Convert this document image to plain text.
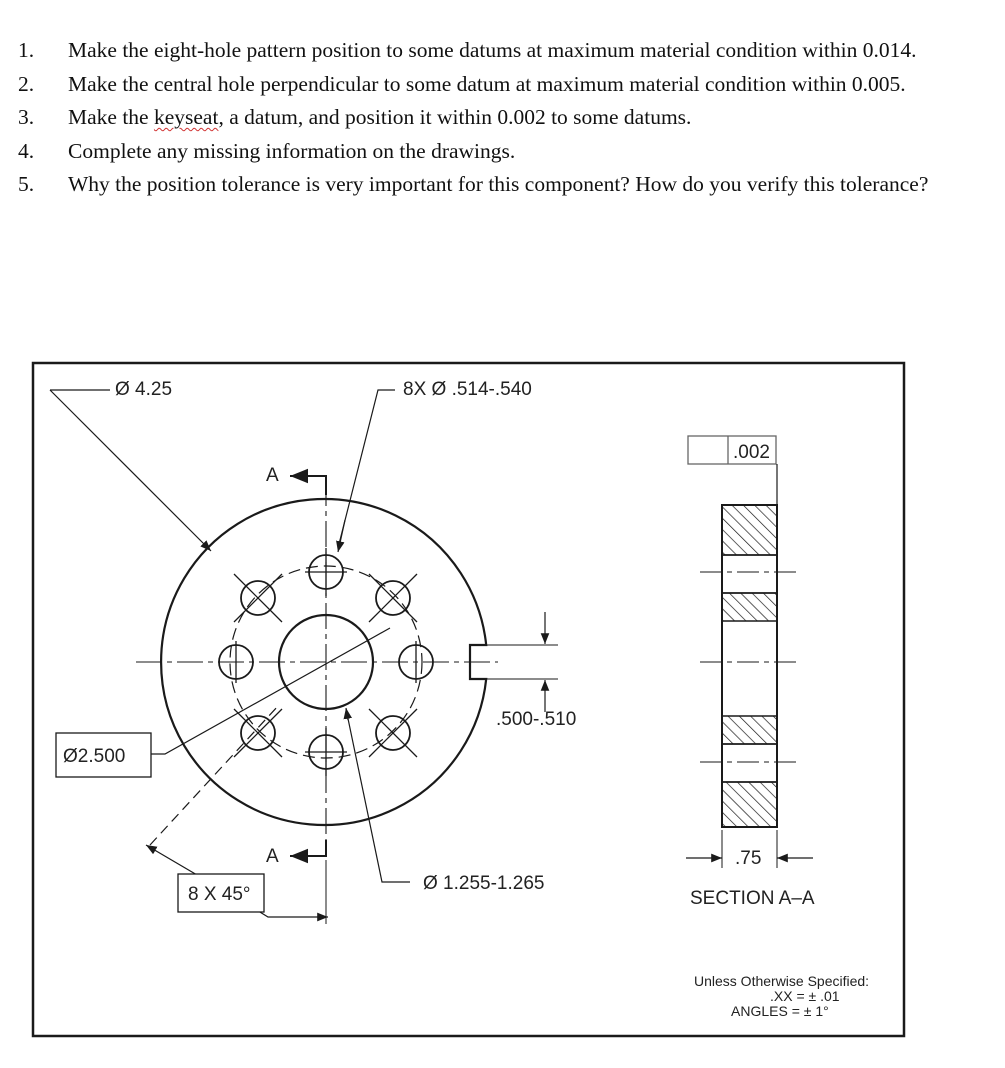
1.	Make the eight-hole pattern position to some datums at maximum material condition within 0.014.
2.	Make the central hole perpendicular to some datum at maximum material condition within 0.005.
3.	Make the keyseat, a datum, and position it within 0.002 to some datums.
4.	Complete any missing information on the drawings.
5.	Why the position tolerance is very important for this component? How do you verify this tolerance?
Ø 4.25	8X Ø .514-.540
A
A
.500-.510
Ø2.500
Ø 1.255-1.265
8 X 45°
.002
.75
SECTION A–A
Unless Otherwise Specified:
.XX = ± .01
ANGLES = ± 1°
